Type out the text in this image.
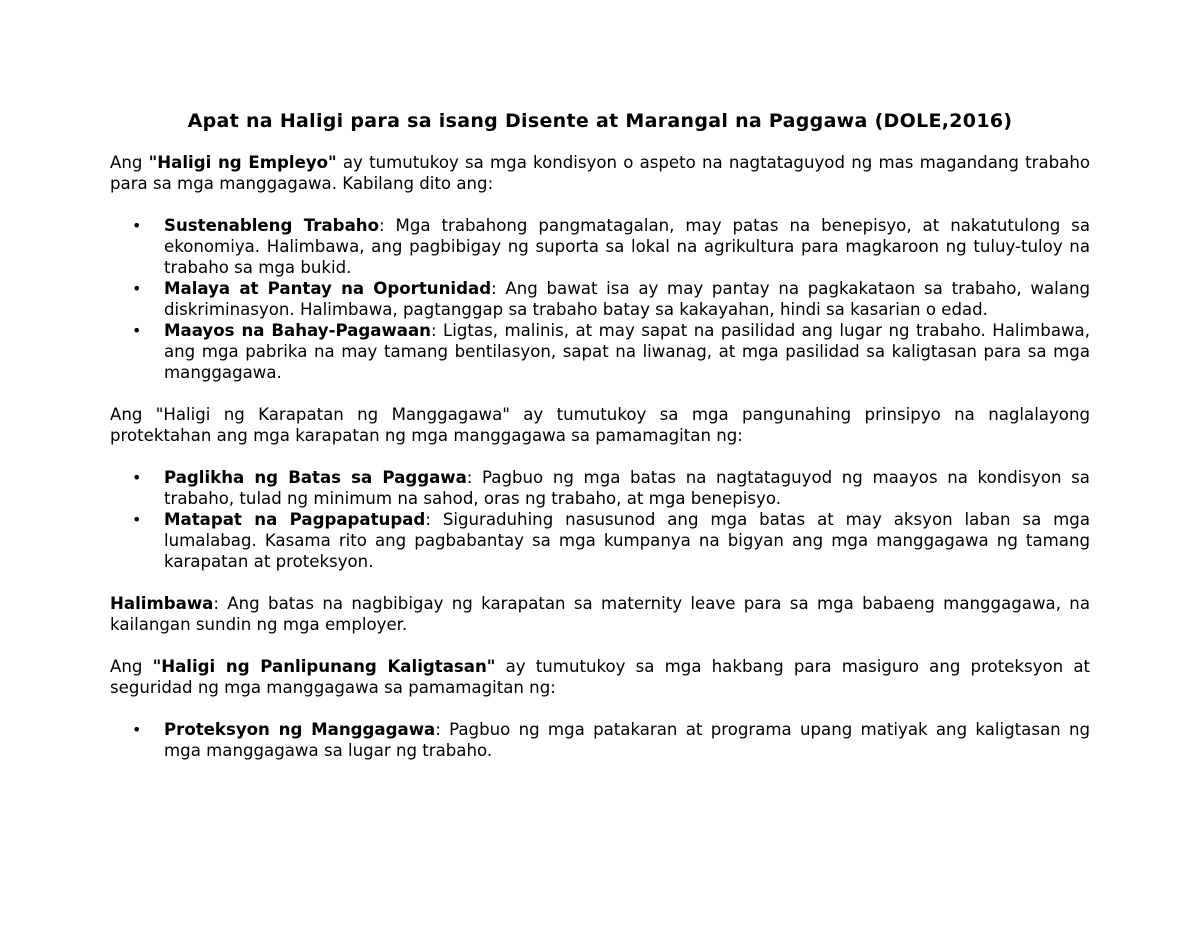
Apat na Haligi para sa isang Disente at Marangal na Paggawa (DOLE,2016)

Ang "Haligi ng Empleyo" ay tumutukoy sa mga kondisyon o aspeto na nagtataguyod ng mas magandang trabaho para sa mga manggagawa. Kabilang dito ang:

• Sustenableng Trabaho: Mga trabahong pangmatagalan, may patas na benepisyo, at nakatutulong sa ekonomiya. Halimbawa, ang pagbibigay ng suporta sa lokal na agrikultura para magkaroon ng tuluy-tuloy na trabaho sa mga bukid.
• Malaya at Pantay na Oportunidad: Ang bawat isa ay may pantay na pagkakataon sa trabaho, walang diskriminasyon. Halimbawa, pagtanggap sa trabaho batay sa kakayahan, hindi sa kasarian o edad.
• Maayos na Bahay-Pagawaan: Ligtas, malinis, at may sapat na pasilidad ang lugar ng trabaho. Halimbawa, ang mga pabrika na may tamang bentilasyon, sapat na liwanag, at mga pasilidad sa kaligtasan para sa mga manggagawa.

Ang "Haligi ng Karapatan ng Manggagawa" ay tumutukoy sa mga pangunahing prinsipyo na naglalayong protektahan ang mga karapatan ng mga manggagawa sa pamamagitan ng:

• Paglikha ng Batas sa Paggawa: Pagbuo ng mga batas na nagtataguyod ng maayos na kondisyon sa trabaho, tulad ng minimum na sahod, oras ng trabaho, at mga benepisyo.
• Matapat na Pagpapatupad: Siguraduhing nasusunod ang mga batas at may aksyon laban sa mga lumalabag. Kasama rito ang pagbabantay sa mga kumpanya na bigyan ang mga manggagawa ng tamang karapatan at proteksyon.

Halimbawa: Ang batas na nagbibigay ng karapatan sa maternity leave para sa mga babaeng manggagawa, na kailangan sundin ng mga employer.

Ang "Haligi ng Panlipunang Kaligtasan" ay tumutukoy sa mga hakbang para masiguro ang proteksyon at seguridad ng mga manggagawa sa pamamagitan ng:

• Proteksyon ng Manggagawa: Pagbuo ng mga patakaran at programa upang matiyak ang kaligtasan ng mga manggagawa sa lugar ng trabaho.
